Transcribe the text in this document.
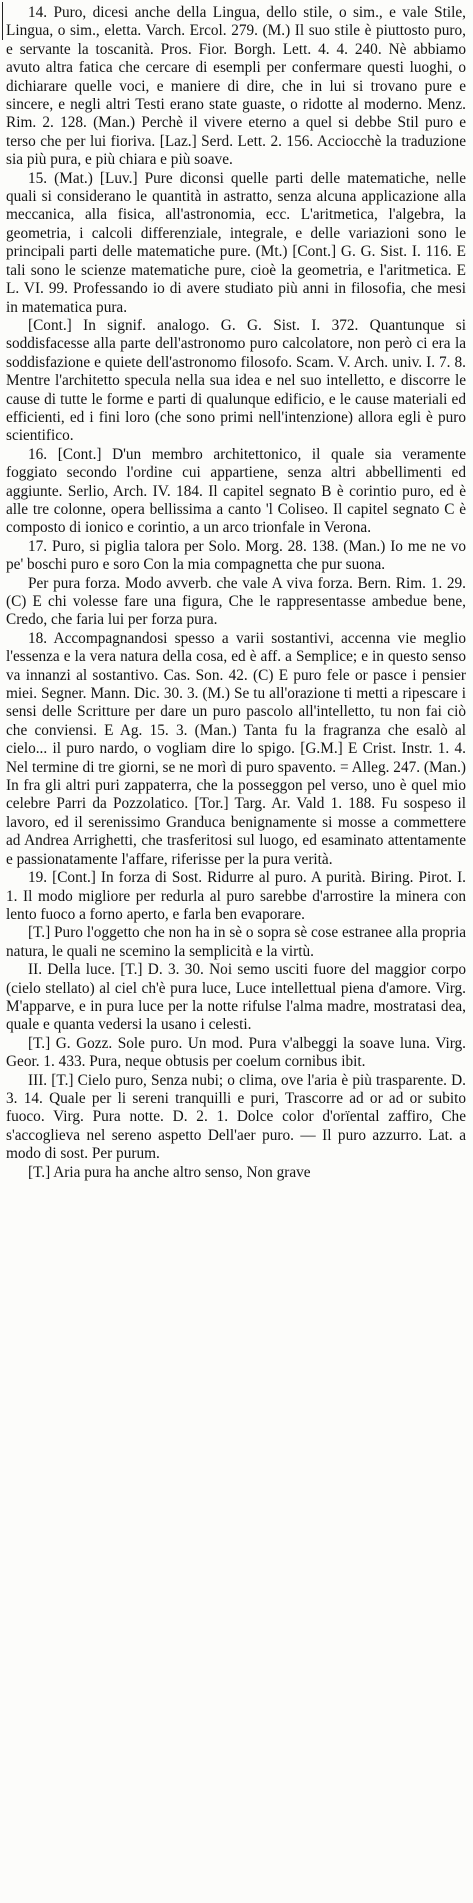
14. Puro, dicesi anche della Lingua, dello stile, o sim., e vale Stile, Lingua, o sim., eletta. Varch. Ercol. 279. (M.) Il suo stile è piuttosto puro, e servante la toscanità. Pros. Fior. Borgh. Lett. 4. 4. 240. Nè abbiamo avuto altra fatica che cercare di esempli per confermare questi luoghi, o dichiarare quelle voci, e maniere di dire, che in lui si trovano pure e sincere, e negli altri Testi erano state guaste, o ridotte al moderno. Menz. Rim. 2. 128. (Man.) Perchè il vivere eterno a quel si debbe Stil puro e terso che per lui fioriva. [Laz.] Serd. Lett. 2. 156. Acciocchè la traduzione sia più pura, e più chiara e più soave.

15. (Mat.) [Luv.] Pure diconsi quelle parti delle matematiche, nelle quali si considerano le quantità in astratto, senza alcuna applicazione alla meccanica, alla fisica, all'astronomia, ecc. L'aritmetica, l'algebra, la geometria, i calcoli differenziale, integrale, e delle variazioni sono le principali parti delle matematiche pure. (Mt.) [Cont.] G. G. Sist. I. 116. E tali sono le scienze matematiche pure, cioè la geometria, e l'aritmetica. E L. VI. 99. Professando io di avere studiato più anni in filosofia, che mesi in matematica pura.

[Cont.] In signif. analogo. G. G. Sist. I. 372. Quantunque si soddisfacesse alla parte dell'astronomo puro calcolatore, non però ci era la soddisfazione e quiete dell'astronomo filosofo. Scam. V. Arch. univ. I. 7. 8. Mentre l'architetto specula nella sua idea e nel suo intelletto, e discorre le cause di tutte le forme e parti di qualunque edificio, e le cause materiali ed efficienti, ed i fini loro (che sono primi nell'intenzione) allora egli è puro scientifico.

16. [Cont.] D'un membro architettonico, il quale sia veramente foggiato secondo l'ordine cui appartiene, senza altri abbellimenti ed aggiunte. Serlio, Arch. IV. 184. Il capitel segnato B è corintio puro, ed è alle tre colonne, opera bellissima a canto 'l Coliseo. Il capitel segnato C è composto di ionico e corintio, a un arco trionfale in Verona.

17. Puro, si piglia talora per Solo. Morg. 28. 138. (Man.) Io me ne vo pe' boschi puro e soro Con la mia compagnetta che pur suona.

Per pura forza. Modo avverb. che vale A viva forza. Bern. Rim. 1. 29. (C) E chi volesse fare una figura, Che le rappresentasse ambedue bene, Credo, che faria lui per forza pura.

18. Accompagnandosi spesso a varii sostantivi, accenna vie meglio l'essenza e la vera natura della cosa, ed è aff. a Semplice; e in questo senso va innanzi al sostantivo. Cas. Son. 42. (C) E puro fele or pasce i pensier miei. Segner. Mann. Dic. 30. 3. (M.) Se tu all'orazione ti metti a ripescare i sensi delle Scritture per dare un puro pascolo all'intelletto, tu non fai ciò che conviensi. E Ag. 15. 3. (Man.) Tanta fu la fragranza che esalò al cielo... il puro nardo, o vogliam dire lo spigo. [G.M.] E Crist. Instr. 1. 4. Nel termine di tre giorni, se ne morì di puro spavento. = Alleg. 247. (Man.) In fra gli altri puri zappaterra, che la posseggon pel verso, uno è quel mio celebre Parri da Pozzolatico. [Tor.] Targ. Ar. Vald 1. 188. Fu sospeso il lavoro, ed il serenissimo Granduca benignamente si mosse a commettere ad Andrea Arrighetti, che trasferitosi sul luogo, ed esaminato attentamente e passionatamente l'affare, riferisse per la pura verità.

19. [Cont.] In forza di Sost. Ridurre al puro. A purità. Biring. Pirot. I. 1. Il modo migliore per redurla al puro sarebbe d'arrostire la minera con lento fuoco a forno aperto, e farla ben evaporare.

[T.] Puro l'oggetto che non ha in sè o sopra sè cose estranee alla propria natura, le quali ne scemino la semplicità e la virtù.

II. Della luce. [T.] D. 3. 30. Noi semo usciti fuore del maggior corpo (cielo stellato) al ciel ch'è pura luce, Luce intellettual piena d'amore. Virg. M'apparve, e in pura luce per la notte rifulse l'alma madre, mostratasi dea, quale e quanta vedersi la usano i celesti.

[T.] G. Gozz. Sole puro. Un mod. Pura v'albeggi la soave luna. Virg. Geor. 1. 433. Pura, neque obtusis per coelum cornibus ibit.

III. [T.] Cielo puro, Senza nubi; o clima, ove l'aria è più trasparente. D. 3. 14. Quale per li sereni tranquilli e puri, Trascorre ad or ad or subito fuoco. Virg. Pura notte. D. 2. 1. Dolce color d'orïental zaffiro, Che s'accoglieva nel sereno aspetto Dell'aer puro. — Il puro azzurro. Lat. a modo di sost. Per purum.

[T.] Aria pura ha anche altro senso, Non grave
